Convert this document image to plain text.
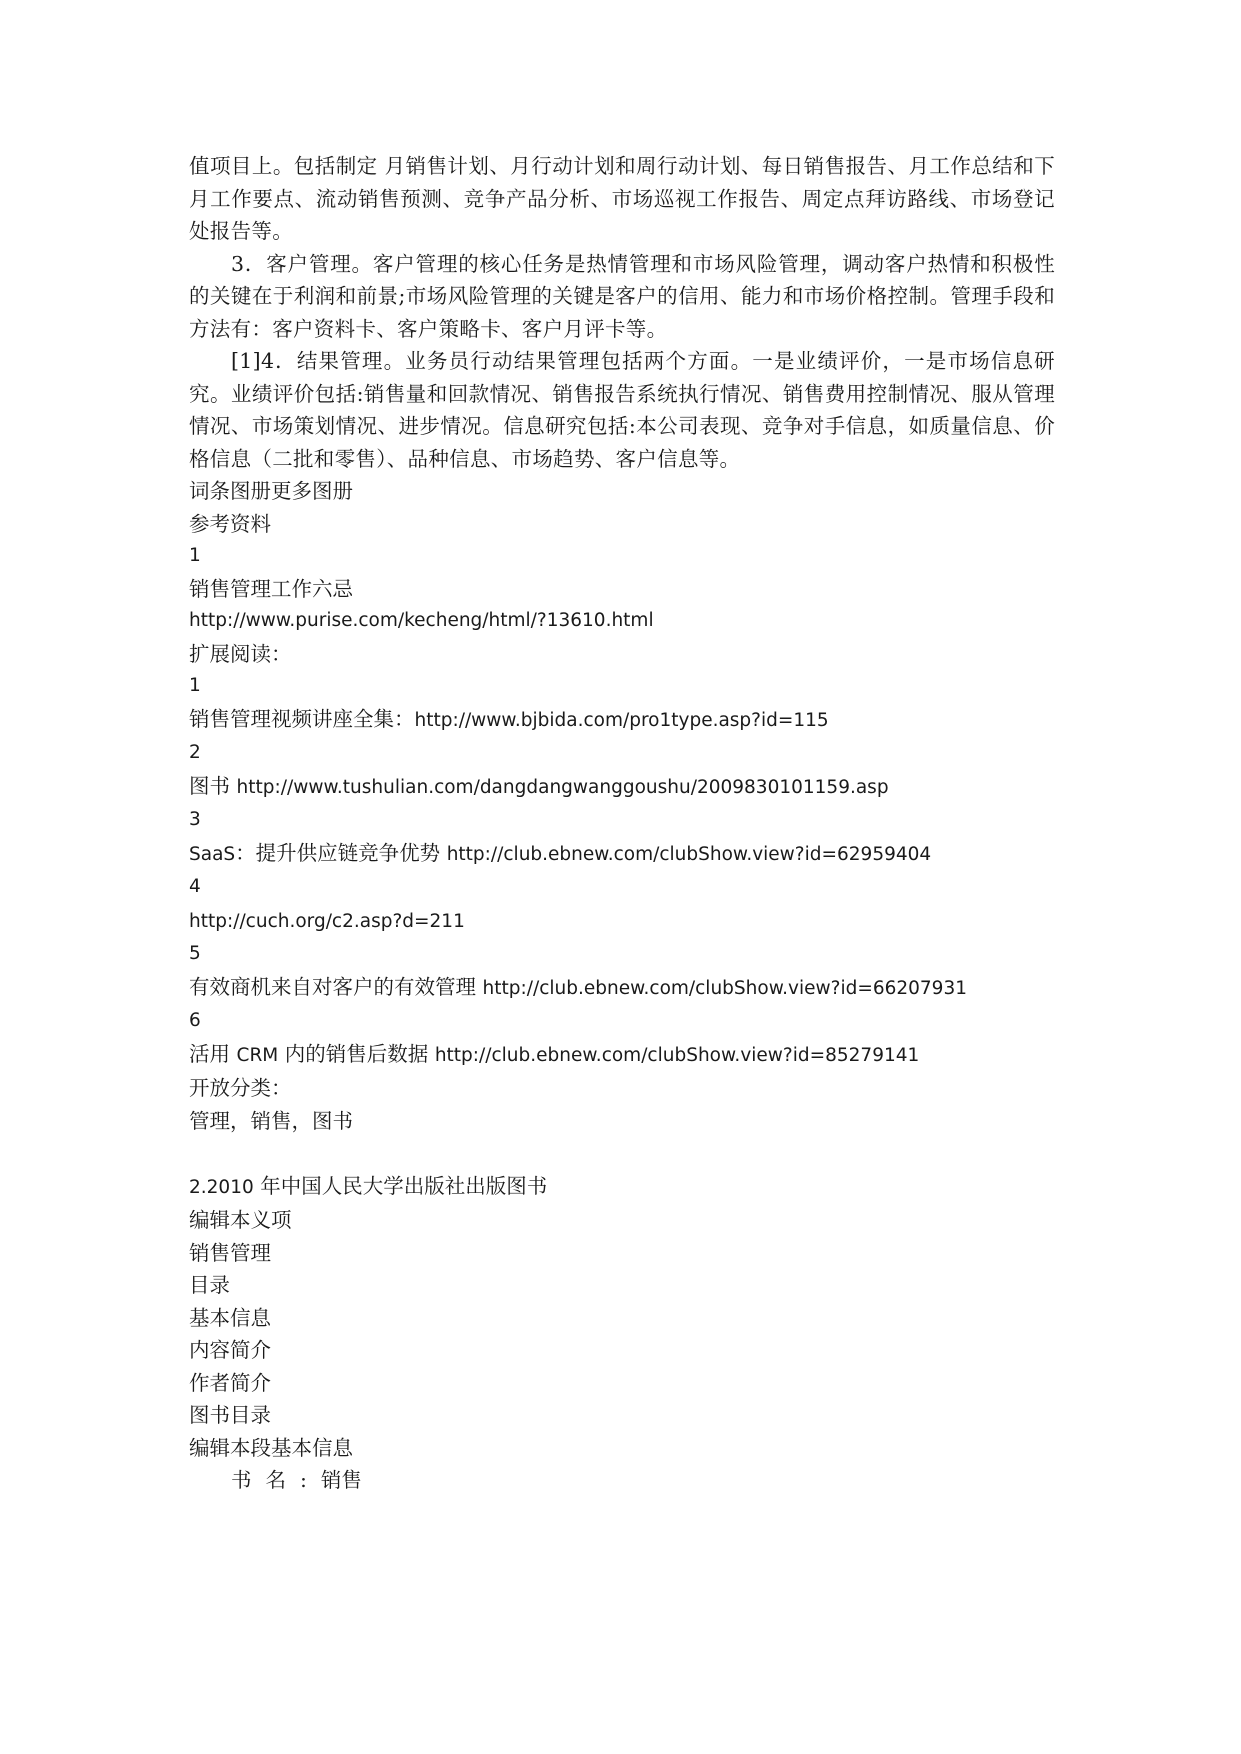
值项目上。包括制定 月销售计划、月行动计划和周行动计划、每日销售报告、月工作总结和下月工作要点、流动销售预测、竞争产品分析、市场巡视工作报告、周定点拜访路线、市场登记处报告等。

3．客户管理。客户管理的核心任务是热情管理和市场风险管理，调动客户热情和积极性的关键在于利润和前景;市场风险管理的关键是客户的信用、能力和市场价格控制。管理手段和方法有：客户资料卡、客户策略卡、客户月评卡等。

[1]4．结果管理。业务员行动结果管理包括两个方面。一是业绩评价，一是市场信息研究。业绩评价包括:销售量和回款情况、销售报告系统执行情况、销售费用控制情况、服从管理情况、市场策划情况、进步情况。信息研究包括:本公司表现、竞争对手信息，如质量信息、价格信息（二批和零售）、品种信息、市场趋势、客户信息等。

词条图册更多图册

参考资料

1

销售管理工作六忌

http://www.purise.com/kecheng/html/?13610.html

扩展阅读：

1

销售管理视频讲座全集：http://www.bjbida.com/pro1type.asp?id=115

2

图书 http://www.tushulian.com/dangdangwanggoushu/2009830101159.asp

3

SaaS：提升供应链竞争优势 http://club.ebnew.com/clubShow.view?id=62959404

4

http://cuch.org/c2.asp?d=211

5

有效商机来自对客户的有效管理 http://club.ebnew.com/clubShow.view?id=66207931

6

活用 CRM 内的销售后数据 http://club.ebnew.com/clubShow.view?id=85279141

开放分类：

管理，销售，图书

2.2010 年中国人民大学出版社出版图书

编辑本义项

销售管理

目录

基本信息

内容简介

作者简介

图书目录

编辑本段基本信息

书名:销售
